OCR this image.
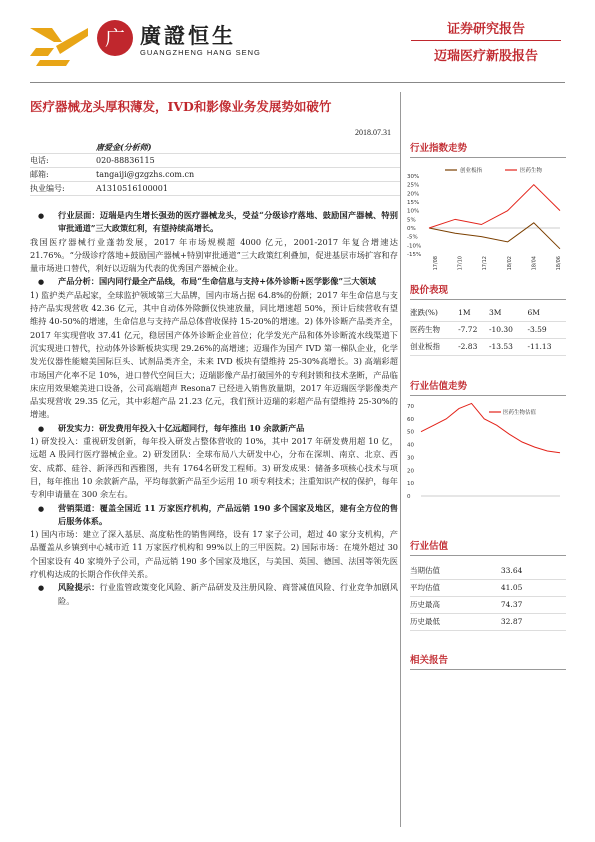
广 廣證恒生
GUANGZHENG HANG SENG
证券研究报告
迈瑞医疗新股报告
医疗器械龙头厚积薄发，IVD和影像业务发展势如破竹
2018.07.31
唐爱金(分析师)
电话:	020-88836115
邮箱:	tangaiji@gzgzhs.com.cn
执业编号:	A1310516100001

● 行业层面：迈瑞是内生增长强劲的医疗器械龙头，受益“分级诊疗落地、鼓励国产器械、特别审批通道”三大政策红利，有望持续高增长。

我国医疗器械行业蓬勃发展，2017 年市场规模超 4000 亿元，2001-2017 年复合增速达 21.76%。“分级诊疗落地+鼓励国产器械+特别审批通道”三大政策红利叠加，促进基层市场扩容和存量市场进口替代，利好以迈瑞为代表的优秀国产器械企业。

● 产品分析：国内同行最全产品线，布局“生命信息与支持+体外诊断+医学影像”三大领域

1) 监护类产品起家，全球监护领域第三大品牌，国内市场占据 64.8%的份额；2017 年生命信息与支持产品实现营收 42.36 亿元，其中自动体外除颤仪快速放量，同比增速超 50%，预计后续营收有望维持 40-50%的增速，生命信息与支持产品总体营收保持 15-20%的增速。2) 体外诊断产品类齐全，2017 年实现营收 37.41 亿元，稳居国产体外诊断企业首位；化学发光产品和体外诊断流水线渠道下沉实现进口替代，拉动体外诊断板块实现 29.26%的高增速；迈瑞作为国产 IVD 第一梯队企业，化学发光仪器性能媲美国际巨头、试剂品类齐全，未来 IVD 板块有望维持 25-30%高增长。3) 高端彩超市场国产化率不足 10%，进口替代空间巨大；迈瑞影像产品打破国外的专利封锁和技术垄断，产品临床应用效果媲美进口设备，公司高端超声 Resona7 已经进入销售放量期，2017 年迈瑞医学影像类产品实现营收 29.35 亿元，其中彩超产品 21.23 亿元，我们预计迈瑞的彩超产品有望维持 25-30%的增速。

● 研发实力：研发费用年投入十亿远超同行，每年推出 10 余款新产品

1) 研发投入：重视研发创新，每年投入研发占整体营收的 10%，其中 2017 年研发费用超 10 亿，远超 A 股同行医疗器械企业。2) 研发团队：全球布局八大研发中心，分布在深圳、南京、北京、西安、成都、硅谷、新泽西和西雅图，共有 1764名研发工程师。3) 研发成果：储备多项核心技术与项目，每年推出 10 余款新产品，平均每款新产品至少运用 10 项专利技术；注重知识产权的保护，每年专利申请量在 300 余左右。

● 营销渠道：覆盖全国近 11 万家医疗机构，产品远销 190 多个国家及地区，建有全方位的售后服务体系。

1) 国内市场：建立了深入基层、高度粘性的销售网络，设有 17 家子公司，超过 40 家分支机构，产品覆盖从乡镇到中心城市近 11 万家医疗机构和 99%以上的三甲医院。2) 国际市场：在境外超过 30 个国家设有 40 家境外子公司，产品远销 190 多个国家及地区，与美国、英国、德国、法国等领先医疗机构达成的长期合作伙伴关系。

● 风险提示：行业监管政策变化风险、新产品研发及注册风险、商誉减值风险、行业竞争加剧风险。

行业指数走势
30%
25%
20%
15%
10%
5%
0%
-5%
-10%
-15%
17/08	17/10	17/12	18/02	18/04	18/06
创业板指	医药生物
股价表现
涨跌(%)	1M	3M	6M
医药生物	-7.72	-10.30	-3.59
创业板指	-2.83	-13.53	-11.13
行业估值走势
70
60
50
40
30
20
10
0
医药生物估值
行业估值
当期估值	33.64
平均估值	41.05
历史最高	74.37
历史最低	32.87
相关报告
